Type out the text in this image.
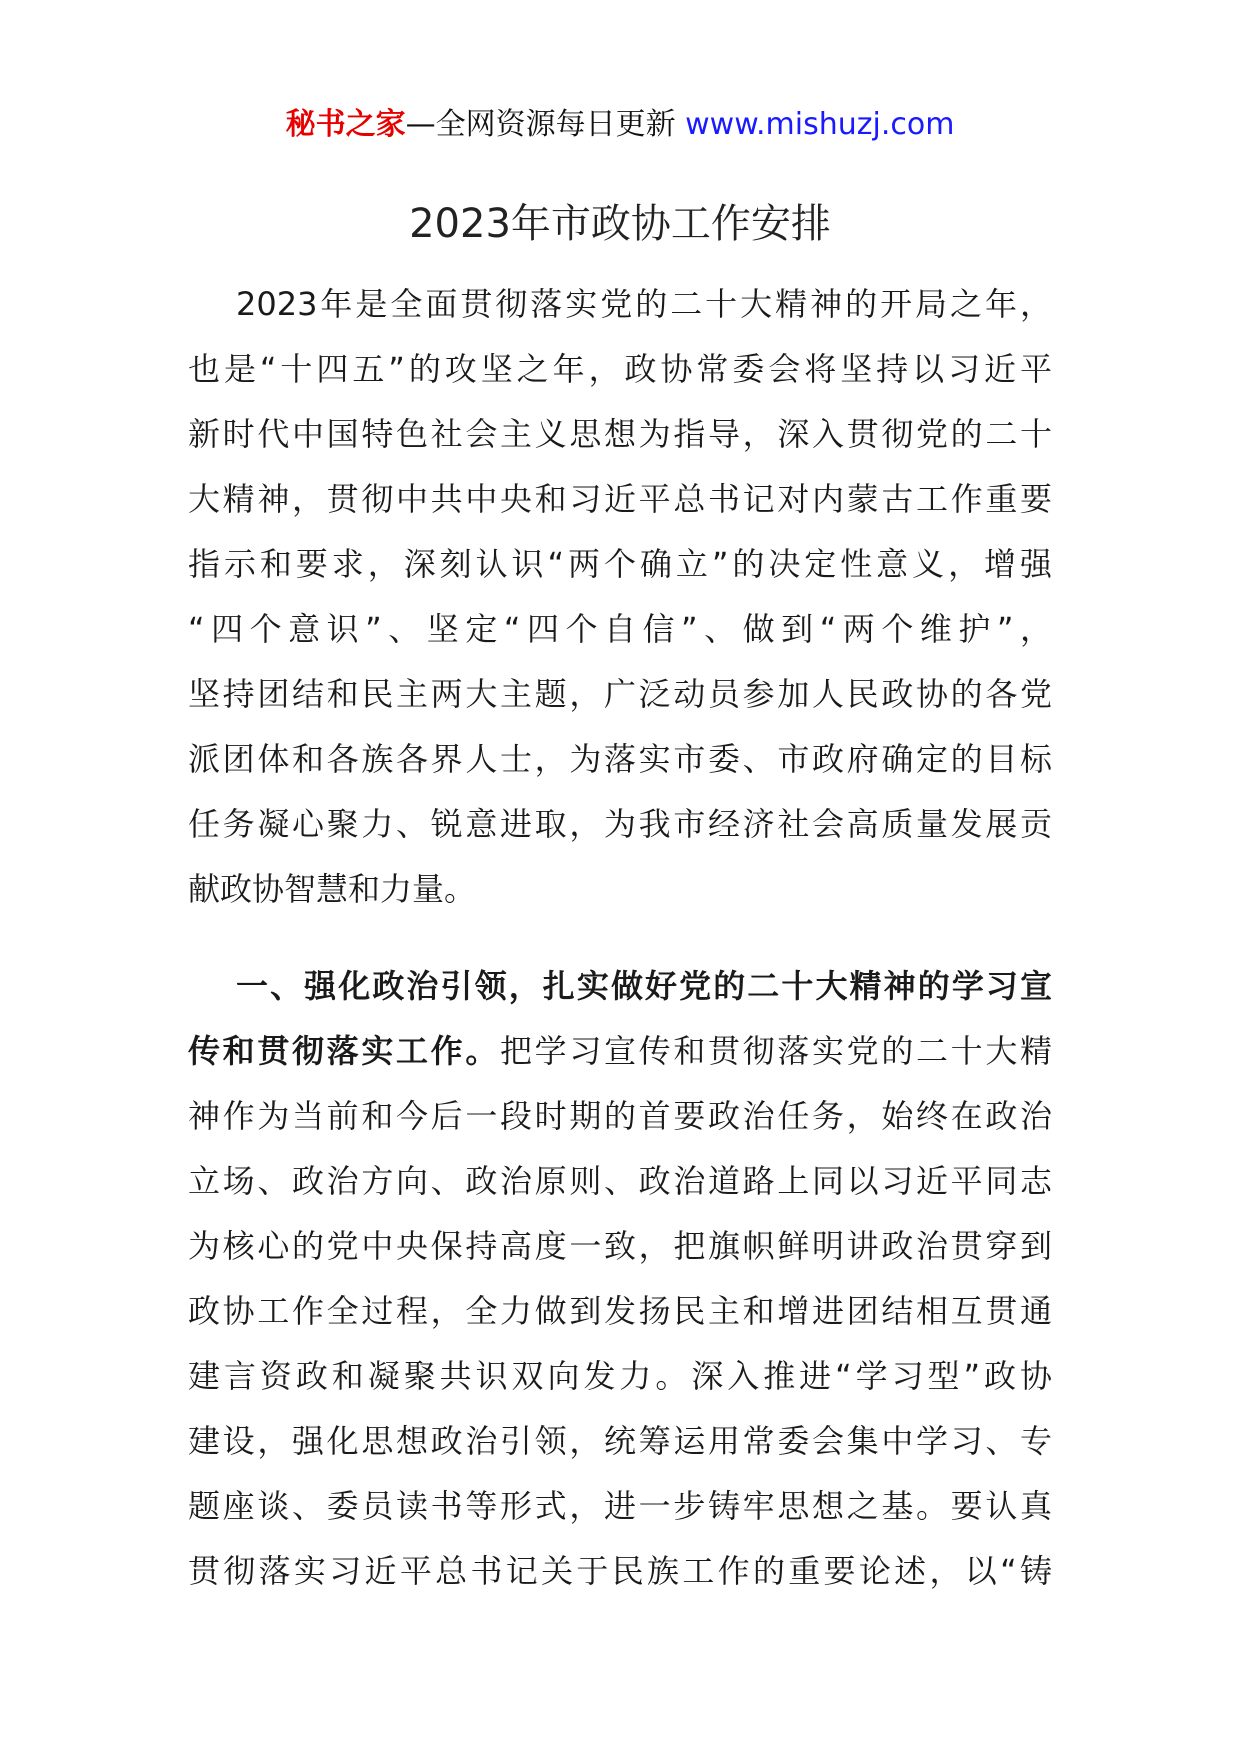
秘书之家—全网资源每日更新 www.mishuzj.com
2023年市政协工作安排
2023年是全面贯彻落实党的二十大精神的开局之年，
也是“十四五”的攻坚之年，政协常委会将坚持以习近平
新时代中国特色社会主义思想为指导，深入贯彻党的二十
大精神，贯彻中共中央和习近平总书记对内蒙古工作重要
指示和要求，深刻认识“两个确立”的决定性意义，增强
“四个意识”、坚定“四个自信”、做到“两个维护”，
坚持团结和民主两大主题，广泛动员参加人民政协的各党
派团体和各族各界人士，为落实市委、市政府确定的目标
任务凝心聚力、锐意进取，为我市经济社会高质量发展贡
献政协智慧和力量。
一、强化政治引领，扎实做好党的二十大精神的学习宣
传和贯彻落实工作。把学习宣传和贯彻落实党的二十大精
神作为当前和今后一段时期的首要政治任务，始终在政治
立场、政治方向、政治原则、政治道路上同以习近平同志
为核心的党中央保持高度一致，把旗帜鲜明讲政治贯穿到
政协工作全过程，全力做到发扬民主和增进团结相互贯通
建言资政和凝聚共识双向发力。深入推进“学习型”政协
建设，强化思想政治引领，统筹运用常委会集中学习、专
题座谈、委员读书等形式，进一步铸牢思想之基。要认真
贯彻落实习近平总书记关于民族工作的重要论述，以“铸
